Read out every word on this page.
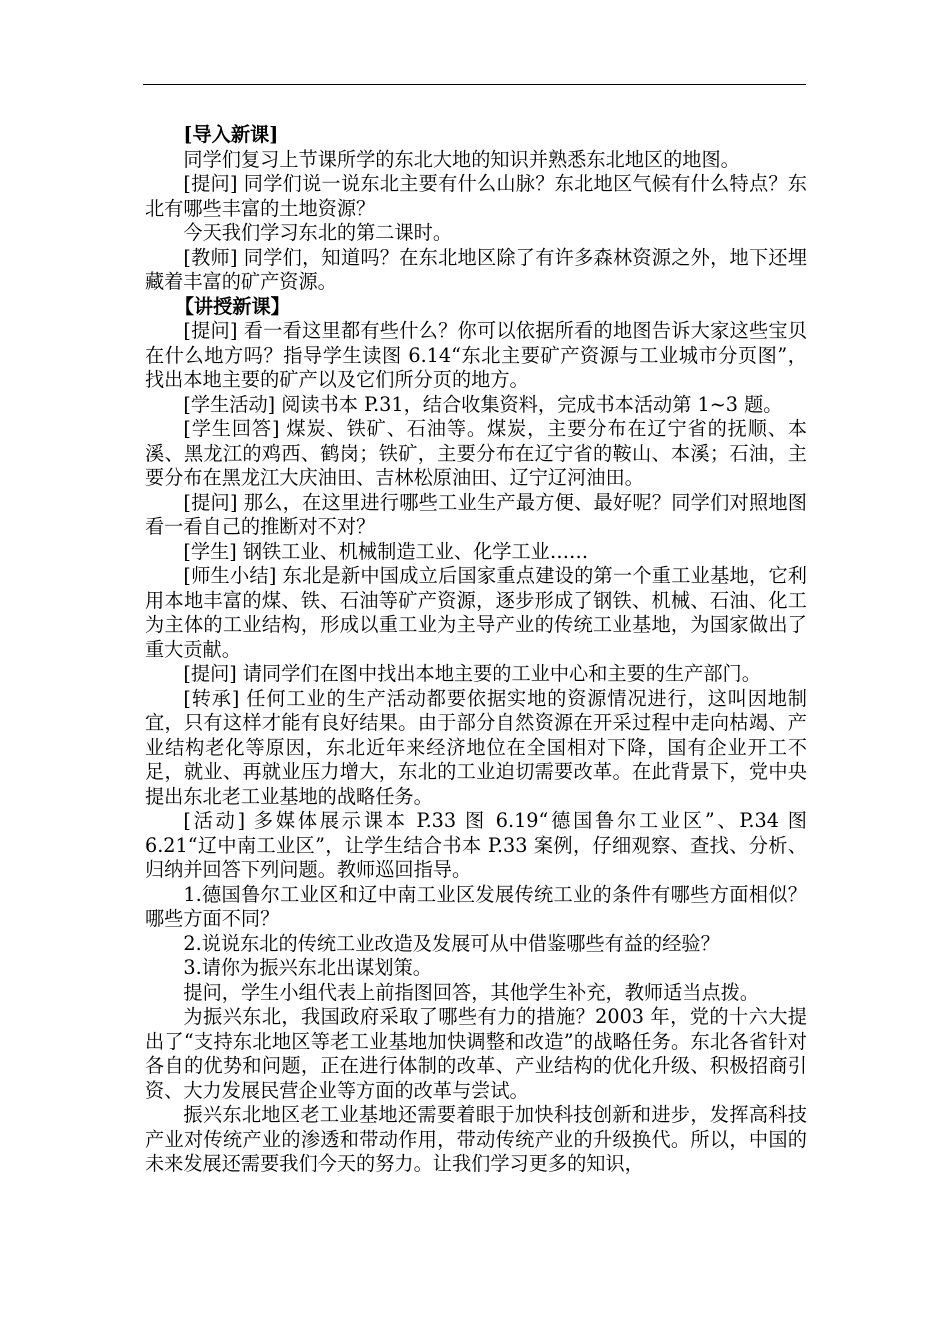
[导入新课]

同学们复习上节课所学的东北大地的知识并熟悉东北地区的地图。

[提问] 同学们说一说东北主要有什么山脉？东北地区气候有什么特点？东北有哪些丰富的土地资源？

今天我们学习东北的第二课时。

[教师] 同学们，知道吗？在东北地区除了有许多森林资源之外，地下还埋藏着丰富的矿产资源。

【讲授新课】

[提问] 看一看这里都有些什么？你可以依据所看的地图告诉大家这些宝贝在什么地方吗？指导学生读图 6.14“东北主要矿产资源与工业城市分页图”，找出本地主要的矿产以及它们所分页的地方。

[学生活动] 阅读书本 P.31，结合收集资料，完成书本活动第 1~3 题。

[学生回答] 煤炭、铁矿、石油等。煤炭，主要分布在辽宁省的抚顺、本溪、黑龙江的鸡西、鹤岗；铁矿，主要分布在辽宁省的鞍山、本溪；石油，主要分布在黑龙江大庆油田、吉林松原油田、辽宁辽河油田。

[提问] 那么，在这里进行哪些工业生产最方便、最好呢？同学们对照地图看一看自己的推断对不对？

[学生] 钢铁工业、机械制造工业、化学工业……

[师生小结] 东北是新中国成立后国家重点建设的第一个重工业基地，它利用本地丰富的煤、铁、石油等矿产资源，逐步形成了钢铁、机械、石油、化工为主体的工业结构，形成以重工业为主导产业的传统工业基地，为国家做出了重大贡献。

[提问] 请同学们在图中找出本地主要的工业中心和主要的生产部门。

[转承] 任何工业的生产活动都要依据实地的资源情况进行，这叫因地制宜，只有这样才能有良好结果。由于部分自然资源在开采过程中走向枯竭、产业结构老化等原因，东北近年来经济地位在全国相对下降，国有企业开工不足，就业、再就业压力增大，东北的工业迫切需要改革。在此背景下，党中央提出东北老工业基地的战略任务。

[活动] 多媒体展示课本 P.33 图 6.19“德国鲁尔工业区”、P.34 图 6.21“辽中南工业区”，让学生结合书本 P.33 案例，仔细观察、查找、分析、归纳并回答下列问题。教师巡回指导。

1.德国鲁尔工业区和辽中南工业区发展传统工业的条件有哪些方面相似？哪些方面不同？

2.说说东北的传统工业改造及发展可从中借鉴哪些有益的经验？

3.请你为振兴东北出谋划策。

提问，学生小组代表上前指图回答，其他学生补充，教师适当点拨。

为振兴东北，我国政府采取了哪些有力的措施？2003 年，党的十六大提出了“支持东北地区等老工业基地加快调整和改造”的战略任务。东北各省针对各自的优势和问题，正在进行体制的改革、产业结构的优化升级、积极招商引资、大力发展民营企业等方面的改革与尝试。

振兴东北地区老工业基地还需要着眼于加快科技创新和进步，发挥高科技产业对传统产业的渗透和带动作用，带动传统产业的升级换代。所以，中国的未来发展还需要我们今天的努力。让我们学习更多的知识，
